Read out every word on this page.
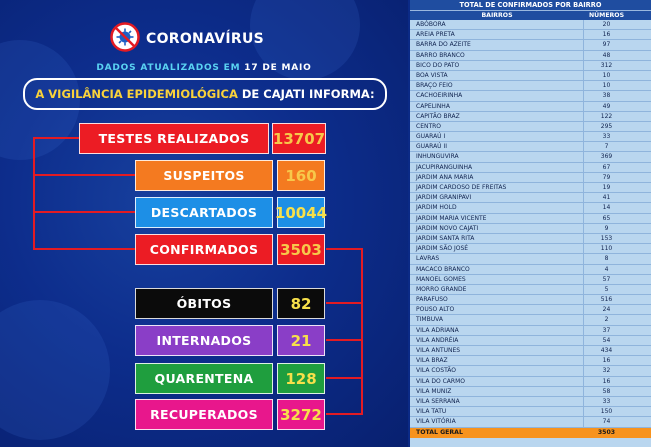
CORONAVÍRUS
DADOS ATUALIZADOS EM 17 DE MAIO
A VIGILÂNCIA EPIDEMIOLÓGICA DE CAJATI INFORMA:
TESTES REALIZADOS	13707
SUSPEITOS	160
DESCARTADOS	10044
CONFIRMADOS	3503
ÓBITOS	82
INTERNADOS	21
QUARENTENA	128
RECUPERADOS	3272
TOTAL DE CONFIRMADOS POR BAIRRO
BAIRROS	NÚMEROS
ABÓBORA	20
AREIA PRETA	16
BARRA DO AZEITE	97
BARRO BRANCO	48
BICO DO PATO	312
BOA VISTA	10
BRAÇO FEIO	10
CACHOEIRINHA	38
CAPELINHA	49
CAPITÃO BRAZ	122
CENTRO	295
GUARAÚ I	33
GUARAÚ II	7
INHUNGUVIRA	369
JACUPIRANGUINHA	67
JARDIM ANA MARIA	79
JARDIM CARDOSO DE FREITAS	19
JARDIM GRANIPAVI	41
JARDIM HOLD	14
JARDIM MARIA VICENTE	65
JARDIM NOVO CAJATI	9
JARDIM SANTA RITA	153
JARDIM SÃO JOSÉ	110
LAVRAS	8
MACACO BRANCO	4
MANOEL GOMES	57
MORRO GRANDE	5
PARAFUSO	516
POUSO ALTO	24
TIMBUVA	2
VILA ADRIANA	37
VILA ANDRÉIA	54
VILA ANTUNES	434
VILA BRAZ	16
VILA COSTÃO	32
VILA DO CARMO	16
VILA MUNIZ	58
VILA SERRANA	33
VILA TATU	150
VILA VITÓRIA	74
TOTAL GERAL	3503
